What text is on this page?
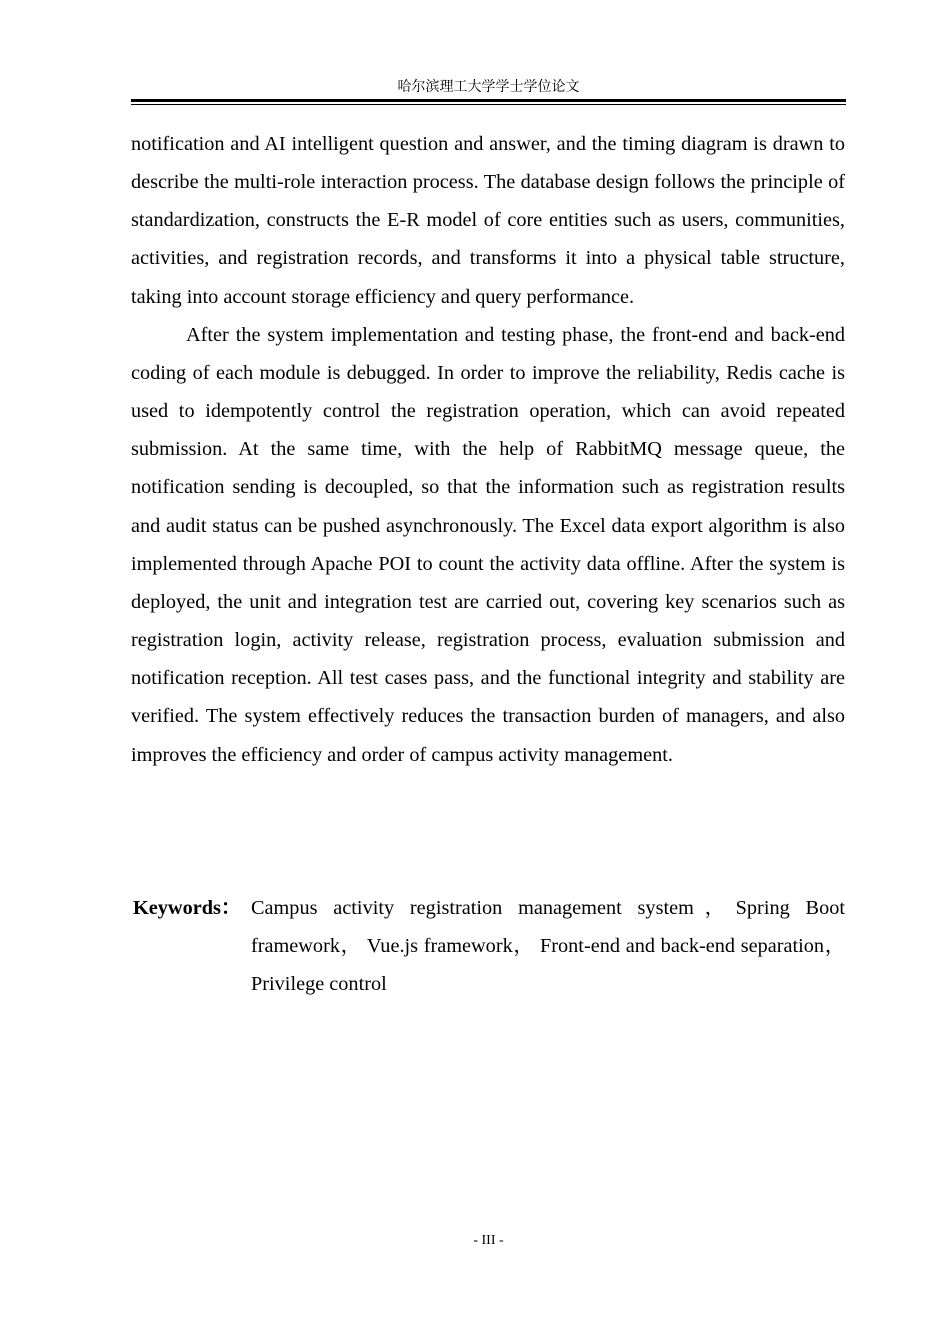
哈尔滨理工大学学士学位论文

notification and AI intelligent question and answer, and the timing diagram is drawn to describe the multi-role interaction process. The database design follows the principle of standardization, constructs the E-R model of core entities such as users, communities, activities, and registration records, and transforms it into a physical table structure, taking into account storage efficiency and query performance.

After the system implementation and testing phase, the front-end and back-end coding of each module is debugged. In order to improve the reliability, Redis cache is used to idempotently control the registration operation, which can avoid repeated submission. At the same time, with the help of RabbitMQ message queue, the notification sending is decoupled, so that the information such as registration results and audit status can be pushed asynchronously. The Excel data export algorithm is also implemented through Apache POI to count the activity data offline. After the system is deployed, the unit and integration test are carried out, covering key scenarios such as registration login, activity release, registration process, evaluation submission and notification reception. All test cases pass, and the functional integrity and stability are verified. The system effectively reduces the transaction burden of managers, and also improves the efficiency and order of campus activity management.

Keywords： Campus activity registration management system，Spring Boot framework， Vue.js framework， Front-end and back-end separation，Privilege control
- III -
